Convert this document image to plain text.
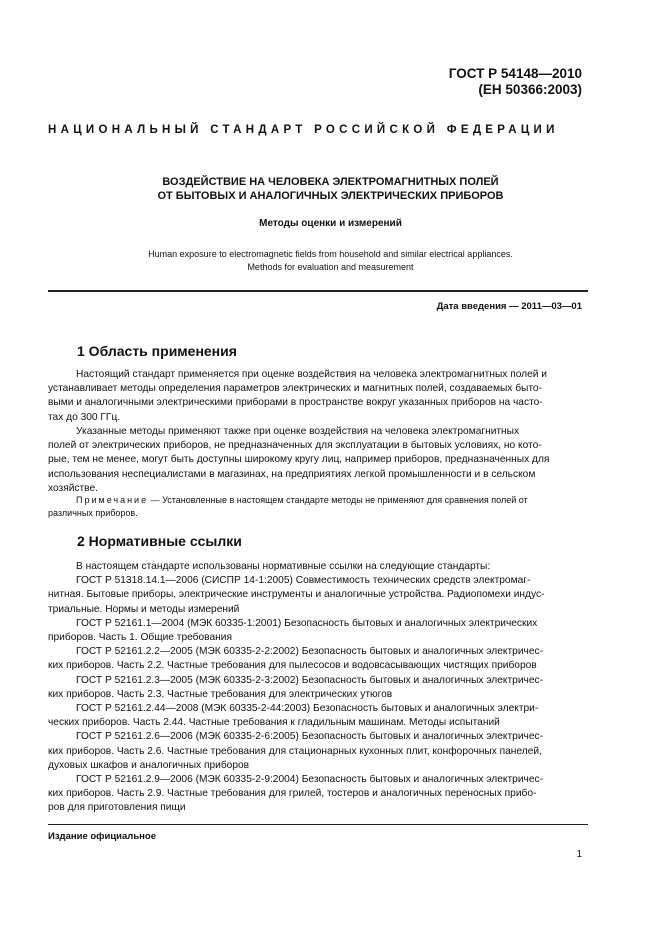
ГОСТ Р 54148—2010
(ЕН 50366:2003)
НАЦИОНАЛЬНЫЙ СТАНДАРТ РОССИЙСКОЙ ФЕДЕРАЦИИ
ВОЗДЕЙСТВИЕ НА ЧЕЛОВЕКА ЭЛЕКТРОМАГНИТНЫХ ПОЛЕЙ
ОТ БЫТОВЫХ И АНАЛОГИЧНЫХ ЭЛЕКТРИЧЕСКИХ ПРИБОРОВ
Методы оценки и измерений
Human exposure to electromagnetic fields from household and similar electrical appliances.
Methods for evaluation and measurement
Дата введения — 2011—03—01
1 Область применения
Настоящий стандарт применяется при оценке воздействия на человека электромагнитных полей и
устанавливает методы определения параметров электрических и магнитных полей, создаваемых быто-
выми и аналогичными электрическими приборами в пространстве вокруг указанных приборов на часто-
тах до 300 ГГц.
Указанные методы применяют также при оценке воздействия на человека электромагнитных
полей от электрических приборов, не предназначенных для эксплуатации в бытовых условиях, но кото-
рые, тем не менее, могут быть доступны широкому кругу лиц, например приборов, предназначенных для
использования неспециалистами в магазинах, на предприятиях легкой промышленности и в сельском
хозяйстве.
Примечание — Установленные в настоящем стандарте методы не применяют для сравнения полей от
различных приборов.
2 Нормативные ссылки
В настоящем стандарте использованы нормативные ссылки на следующие стандарты:
ГОСТ Р 51318.14.1—2006 (СИСПР 14-1:2005) Совместимость технических средств электромаг-
нитная. Бытовые приборы, электрические инструменты и аналогичные устройства. Радиопомехи индус-
триальные. Нормы и методы измерений
ГОСТ Р 52161.1—2004 (МЭК 60335-1:2001) Безопасность бытовых и аналогичных электрических
приборов. Часть 1. Общие требования
ГОСТ Р 52161.2.2—2005 (МЭК 60335-2-2:2002) Безопасность бытовых и аналогичных электричес-
ких приборов. Часть 2.2. Частные требования для пылесосов и водовсасывающих чистящих приборов
ГОСТ Р 52161.2.3—2005 (МЭК 60335-2-3:2002) Безопасность бытовых и аналогичных электричес-
ких приборов. Часть 2.3. Частные требования для электрических утюгов
ГОСТ Р 52161.2.44—2008 (МЭК 60335-2-44:2003) Безопасность бытовых и аналогичных электри-
ческих приборов. Часть 2.44. Частные требования к гладильным машинам. Методы испытаний
ГОСТ Р 52161.2.6—2006 (МЭК 60335-2-6:2005) Безопасность бытовых и аналогичных электричес-
ких приборов. Часть 2.6. Частные требования для стационарных кухонных плит, конфорочных панелей,
духовых шкафов и аналогичных приборов
ГОСТ Р 52161.2.9—2006 (МЭК 60335-2-9:2004) Безопасность бытовых и аналогичных электричес-
ких приборов. Часть 2.9. Частные требования для грилей, тостеров и аналогичных переносных прибо-
ров для приготовления пищи
Издание официальное
1
